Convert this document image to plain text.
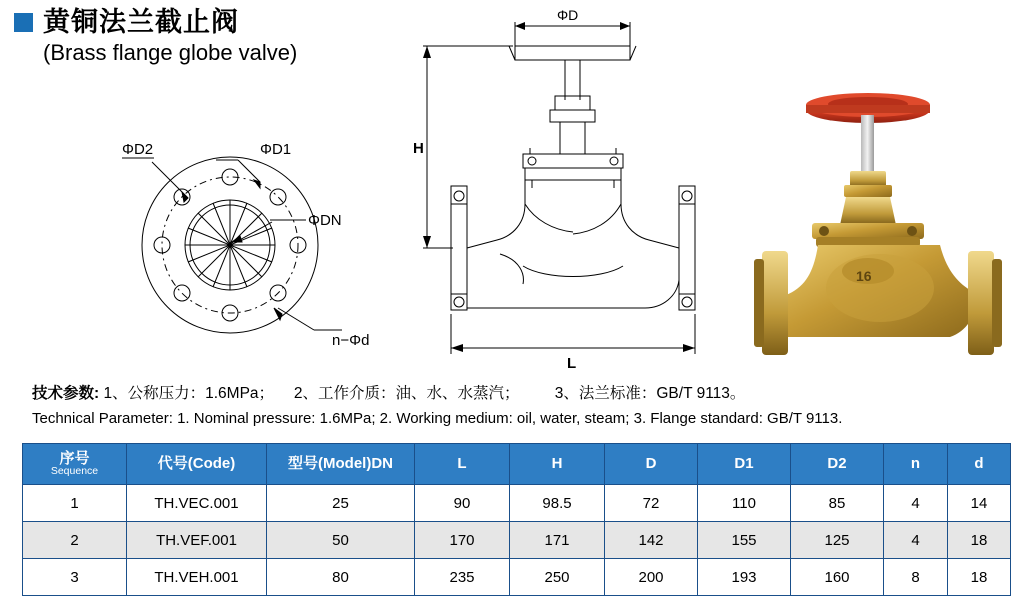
黄铜法兰截止阀
(Brass flange globe valve)
ΦD2	ΦD1
ΦDN
n−Φd
ΦD
H
L
16
技术参数: 1、公称压力：1.6MPa； 　2、工作介质：油、水、水蒸汽； 　　3、法兰标准：GB/T 9113。
Technical Parameter: 1. Nominal pressure: 1.6MPa; 2. Working medium: oil, water, steam; 3. Flange standard: GB/T 9113.
序号
Sequence	代号(Code)	型号(Model)DN	L	H	D	D1	D2	n	d
1	TH.VEC.001	25	90	98.5	72	110	85	4	14
2	TH.VEF.001	50	170	171	142	155	125	4	18
3	TH.VEH.001	80	235	250	200	193	160	8	18
